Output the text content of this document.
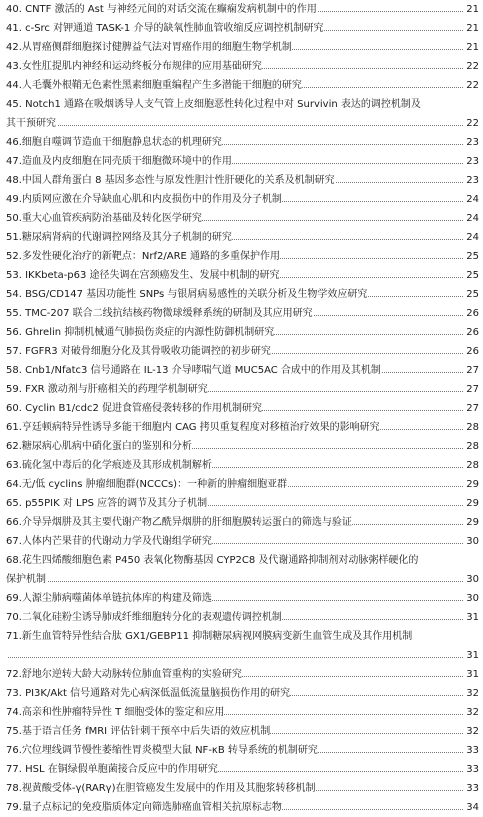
40. CNTF 激活的 Ast 与神经元间的对话交流在癫痫发病机制中的作用	21
41. c-Src 对钾通道 TASK-1 介导的缺氧性肺血管收缩反应调控机制研究	21
42.从胃癌侧群细胞探讨健脾益气法对胃癌作用的细胞生物学机制	21
43.女性肛提肌内神经和运动终板分布规律的应用基础研究	22
44.人毛囊外根鞘无色素性黑素细胞重编程产生多潜能干细胞的研究	22
45. Notch1 通路在吸烟诱导人支气管上皮细胞恶性转化过程中对 Survivin 表达的调控机制及
其干预研究	22
46.细胞自噬调节造血干细胞静息状态的机理研究	23
47.造血及内皮细胞在同壳质干细胞微环境中的作用	23
48.中国人群角蛋白 8 基因多态性与原发性胆汁性肝硬化的关系及机制研究	23
49.内质网应激在介导缺血心肌和内皮损伤中的作用及分子机制	24
50.重大心血管疾病防治基础及转化医学研究	24
51.糖尿病肾病的代谢调控网络及其分子机制的研究	24
52.多发性硬化治疗的新靶点：Nrf2/ARE 通路的多重保护作用	25
53. IKKbeta-p63 途径失调在宫颈癌发生、发展中机制的研究	25
54. BSG/CD147 基因功能性 SNPs 与银屑病易感性的关联分析及生物学效应研究	25
55. TMC-207 联合二线抗结核药物微球缓释系统的研制及其应用研究	26
56. Ghrelin 抑制机械通气肺损伤炎症的内源性防御机制研究	26
57. FGFR3 对破骨细胞分化及其骨吸收功能调控的初步研究	26
58. Cnb1/Nfatc3 信号通路在 IL-13 介导哮喘气道 MUC5AC 合成中的作用及其机制	27
59. FXR 激动剂与肝癌相关的药理学机制研究	27
60. Cyclin B1/cdc2 促进食管癌侵袭转移的作用机制研究	27
61.亨廷顿病特异性诱导多能干细胞内 CAG 拷贝重复程度对移植治疗效果的影响研究	28
62.糖尿病心肌病中硝化蛋白的鉴别和分析	28
63.硫化氢中毒后的化学痕迹及其形成机制解析	28
64.无/低 cyclins 肿瘤细胞群(NCCCs)：一种新的肿瘤细胞亚群	29
65. p55PIK 对 LPS 应答的调节及其分子机制	29
66.介导异烟肼及其主要代谢产物乙酰异烟肼的肝细胞膜转运蛋白的筛选与验证	29
67.人体内芒果苷的代谢动力学及代谢组学研究	30
68.花生四烯酸细胞色素 P450 表氧化物酶基因 CYP2C8 及代谢通路抑制剂对动脉粥样硬化的
保护机制	30
69.人源尘肺病噬菌体单链抗体库的构建及筛选	30
70.二氧化硅粉尘诱导肺成纤维细胞转分化的表观遗传调控机制	31
71.新生血管特异性结合肽 GX1/GEBP11 抑制糖尿病视网膜病变新生血管生成及其作用机制
31
72.舒地尔逆转大龄大动脉转位肺血管重构的实验研究	31
73. PI3K/Akt 信号通路对先心病深低温低流量脑损伤作用的研究	32
74.高亲和性肿瘤特异性 T 细胞受体的鉴定和应用	32
75.基于语言任务 fMRI 评估针刺干预卒中后失语的效应机制	32
76.穴位埋线调节慢性萎缩性胃炎模型大鼠 NF-κB 转导系统的机制研究	33
77. HSL 在铜绿假单胞菌接合反应中的作用研究	33
78.视黄酸受体-γ(RARγ)在胆管癌发生发展中的作用及其胞浆转移机制	33
79.量子点标记的免疫脂质体定向筛选肺癌血管相关抗原标志物	34
